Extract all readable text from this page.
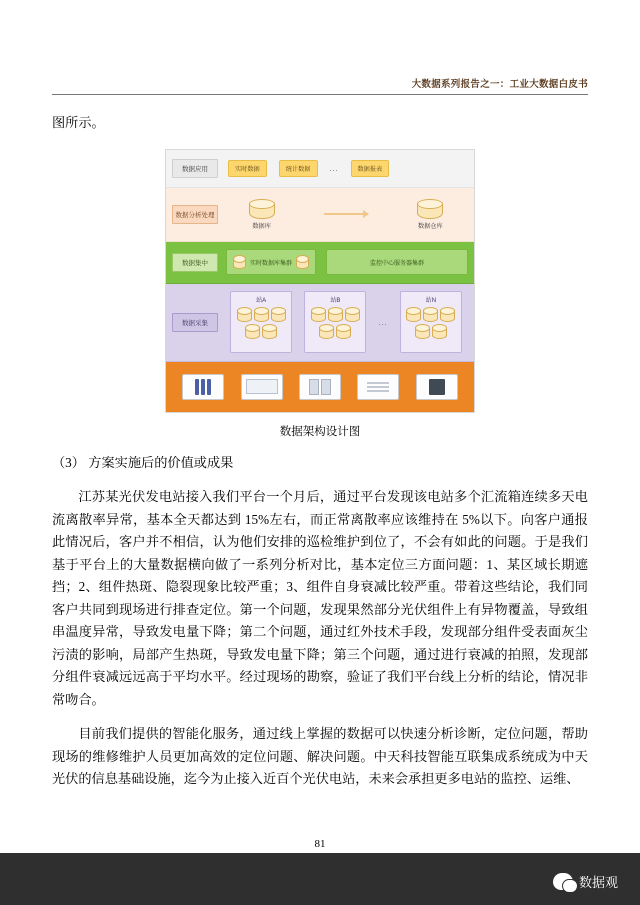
大数据系列报告之一：工业大数据白皮书

图所示。

数据应用	实时数据	统计数据	...	数据报表
数据分析处理
数据库	数据仓库
数据集中	实时数据库集群	监控中心服务器集群
数据采集
站A	站B
...
站N
数据架构设计图

（3） 方案实施后的价值或成果

江苏某光伏发电站接入我们平台一个月后，通过平台发现该电站多个汇流箱连续多天电流离散率异常，基本全天都达到 15%左右，而正常离散率应该维持在 5%以下。向客户通报此情况后，客户并不相信，认为他们安排的巡检维护到位了，不会有如此的问题。于是我们基于平台上的大量数据横向做了一系列分析对比，基本定位三方面问题：1、某区域长期遮挡；2、组件热斑、隐裂现象比较严重；3、组件自身衰减比较严重。带着这些结论，我们同客户共同到现场进行排查定位。第一个问题，发现果然部分光伏组件上有异物覆盖，导致组串温度异常，导致发电量下降；第二个问题，通过红外技术手段，发现部分组件受表面灰尘污渍的影响，局部产生热斑，导致发电量下降；第三个问题，通过进行衰减的拍照，发现部分组件衰减远远高于平均水平。经过现场的勘察，验证了我们平台线上分析的结论，情况非常吻合。

目前我们提供的智能化服务，通过线上掌握的数据可以快速分析诊断，定位问题，帮助现场的维修维护人员更加高效的定位问题、解决问题。中天科技智能互联集成系统成为中天光伏的信息基础设施，迄今为止接入近百个光伏电站，未来会承担更多电站的监控、运维、

81
数据观
